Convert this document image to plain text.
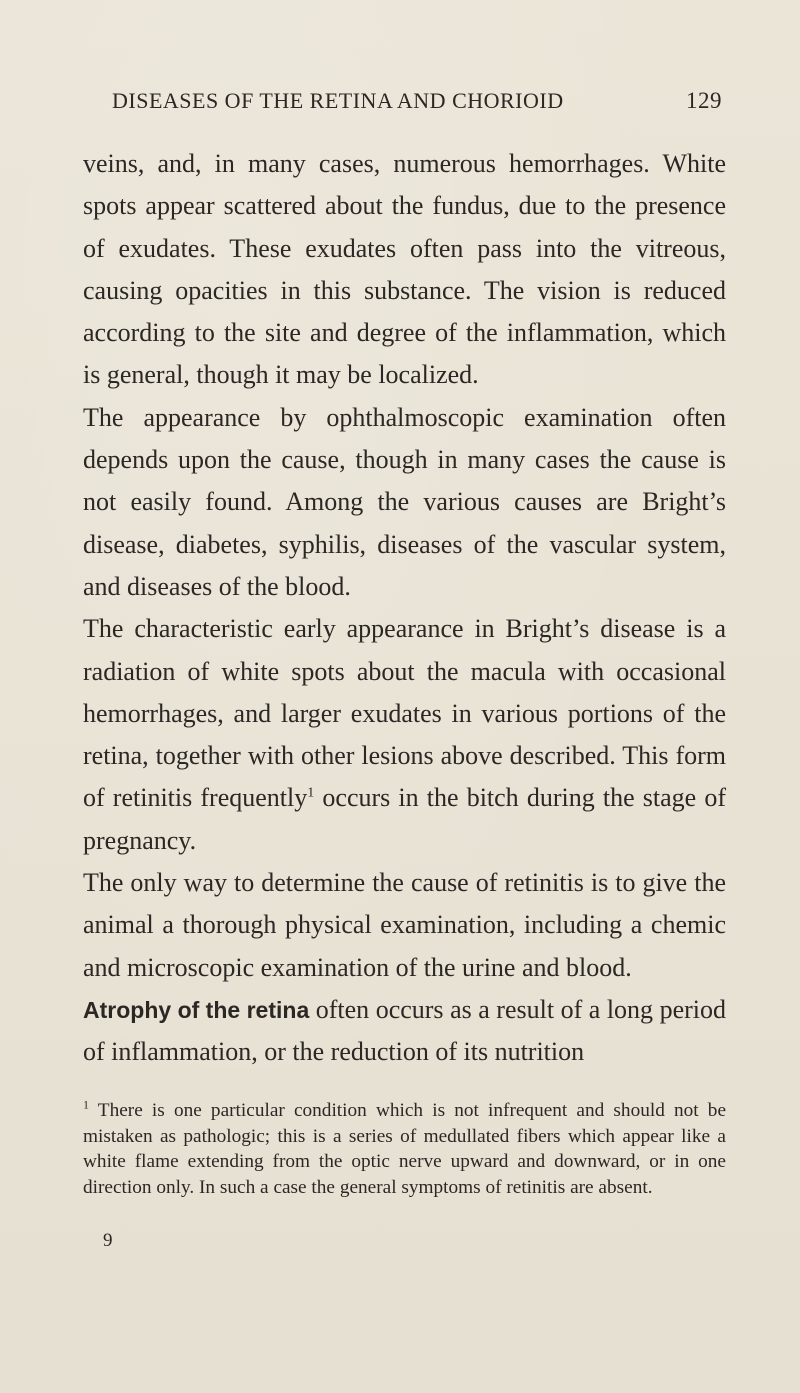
DISEASES OF THE RETINA AND CHORIOID	129

veins, and, in many cases, numerous hemorrhages. White spots appear scattered about the fundus, due to the presence of exudates. These exudates often pass into the vitreous, causing opacities in this substance. The vision is reduced according to the site and degree of the inflammation, which is general, though it may be localized.

The appearance by ophthalmoscopic examination often depends upon the cause, though in many cases the cause is not easily found. Among the various causes are Bright’s disease, diabetes, syphilis, diseases of the vascular system, and diseases of the blood.

The characteristic early appearance in Bright’s disease is a radiation of white spots about the macula with occasional hemorrhages, and larger exudates in various portions of the retina, together with other lesions above described. This form of retinitis frequently$^1$ occurs in the bitch during the stage of pregnancy.

The only way to determine the cause of retinitis is to give the animal a thorough physical examination, including a chemic and microscopic examination of the urine and blood.

Atrophy of the retina often occurs as a result of a long period of inflammation, or the reduction of its nutrition

$^1$ There is one particular condition which is not infrequent and should not be mistaken as pathologic; this is a series of medullated fibers which appear like a white flame extending from the optic nerve upward and downward, or in one direction only. In such a case the general symptoms of retinitis are absent.
9
